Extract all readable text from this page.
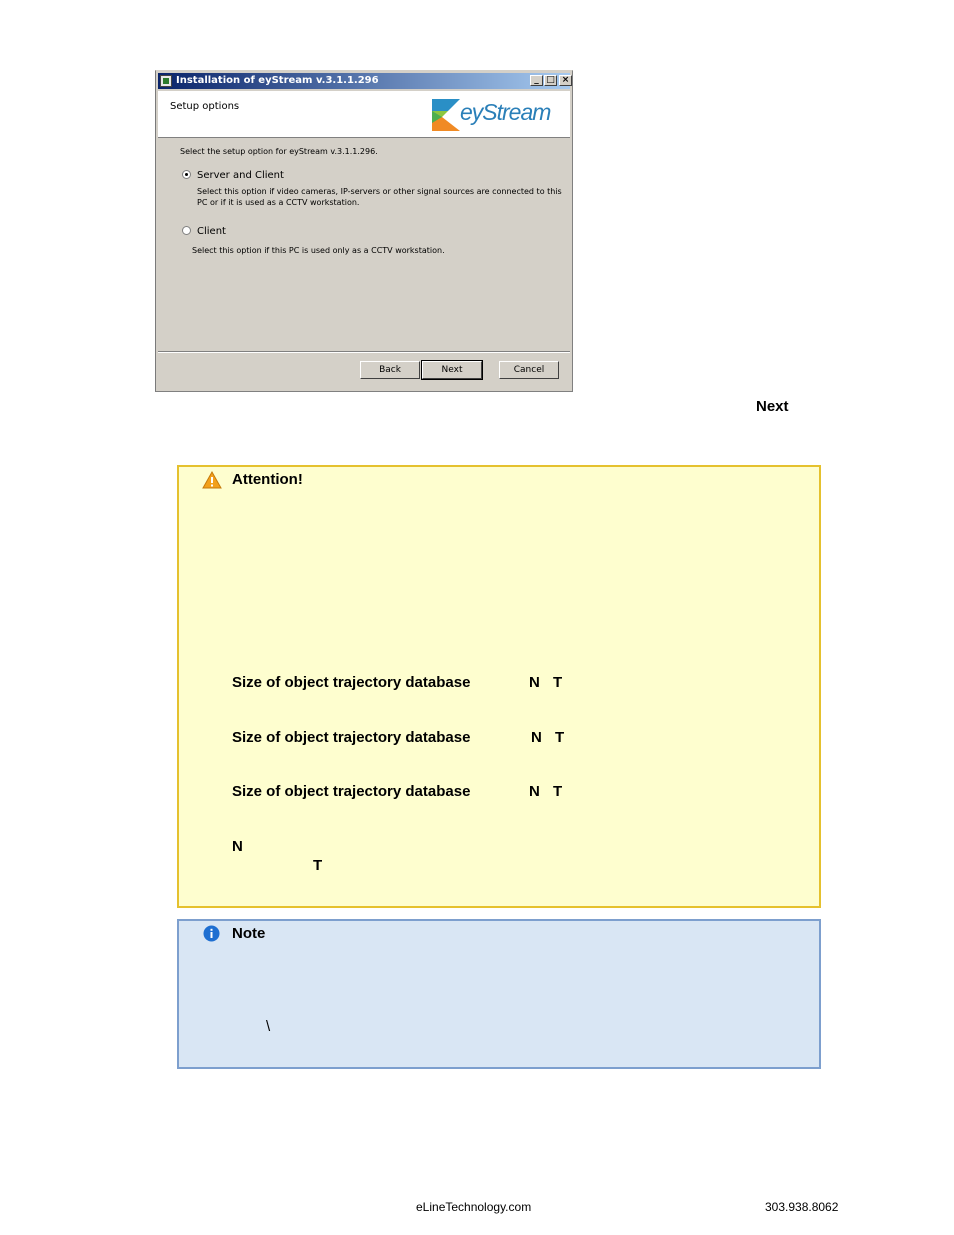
Installation of eyStream v.3.1.1.296	_ □ ×
Setup options	eyStream
Select the setup option for eyStream v.3.1.1.296.
Server and Client
Select this option if video cameras, IP-servers or other signal sources are connected to this
PC or if it is used as a CCTV workstation.
Client
Select this option if this PC is used only as a CCTV workstation.
Back	Next	Cancel
Next
Attention!
Size of object trajectory database	N T
Size of object trajectory database	N T
Size of object trajectory database	N T
N
T
Note
\
eLineTechnology.com	303.938.8062
